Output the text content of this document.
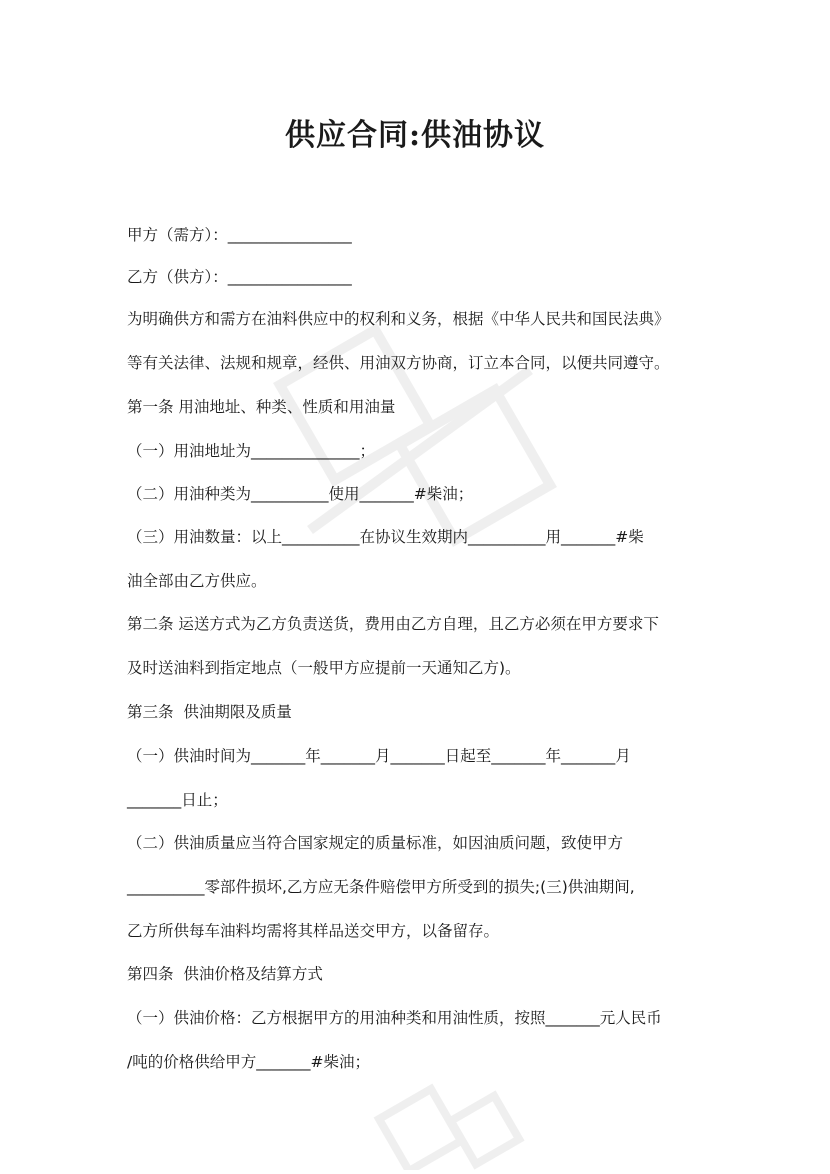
供应合同:供油协议

甲方（需方）：________________

乙方（供方）：________________

为明确供方和需方在油料供应中的权利和义务，根据《中华人民共和国民法典》

等有关法律、法规和规章，经供、用油双方协商，订立本合同，以便共同遵守。

第一条 用油地址、种类、性质和用油量

（一）用油地址为______________；

（二）用油种类为__________使用_______#柴油；

（三）用油数量：以上__________在协议生效期内__________用_______#柴

油全部由乙方供应。

第二条 运送方式为乙方负责送货，费用由乙方自理，且乙方必须在甲方要求下

及时送油料到指定地点（一般甲方应提前一天通知乙方)。

第三条  供油期限及质量

（一）供油时间为_______年_______月_______日起至_______年_______月

_______日止；

（二）供油质量应当符合国家规定的质量标准，如因油质问题，致使甲方

__________零部件损坏,乙方应无条件赔偿甲方所受到的损失;(三)供油期间,

乙方所供每车油料均需将其样品送交甲方，以备留存。

第四条  供油价格及结算方式

（一）供油价格：乙方根据甲方的用油种类和用油性质，按照_______元人民币

/吨的价格供给甲方_______#柴油；
